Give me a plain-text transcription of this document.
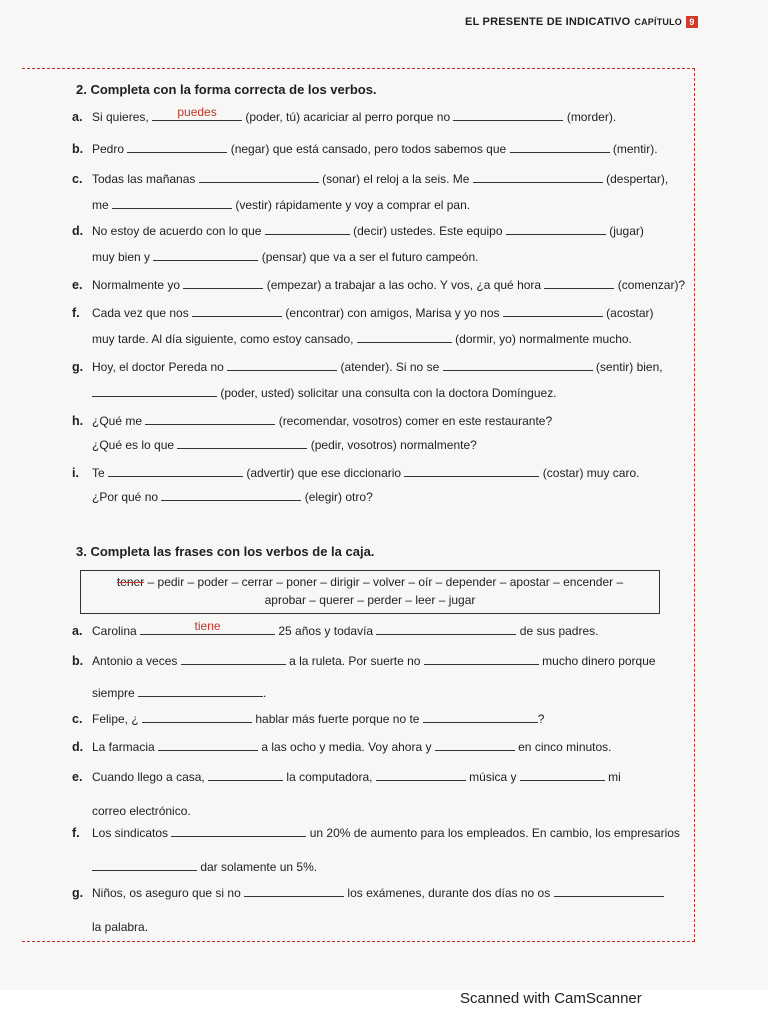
EL PRESENTE DE INDICATIVO CAPÍTULO 9
2. Completa con la forma correcta de los verbos.
a. Si quieres,	puedes	(poder, tú) acariciar al perro porque no	(morder).
b. Pedro	(negar) que está cansado, pero todos sabemos que	(mentir).
c. Todas las mañanas	(sonar) el reloj a la seis. Me	(despertar),
me	(vestir) rápidamente y voy a comprar el pan.
d. No estoy de acuerdo con lo que	(decir) ustedes. Este equipo	(jugar)
muy bien y	(pensar) que va a ser el futuro campeón.
e. Normalmente yo	(empezar) a trabajar a las ocho. Y vos, ¿a qué hora	(comenzar)?
f. Cada vez que nos	(encontrar) con amigos, Marisa y yo nos	(acostar)
muy tarde. Al día siguiente, como estoy cansado,	(dormir, yo) normalmente mucho.
g. Hoy, el doctor Pereda no	(atender). Si no se	(sentir) bien,
(poder, usted) solicitar una consulta con la doctora Domínguez.
h. ¿Qué me	(recomendar, vosotros) comer en este restaurante?
¿Qué es lo que	(pedir, vosotros) normalmente?
i. Te	(advertir) que ese diccionario	(costar) muy caro.
¿Por qué no	(elegir) otro?
3. Completa las frases con los verbos de la caja.
tener – pedir – poder – cerrar – poner – dirigir – volver – oír – depender – apostar – encender –
aprobar – querer – perder – leer – jugar
a. Carolina	tiene	25 años y todavía	de sus padres.
b. Antonio a veces	a la ruleta. Por suerte no	mucho dinero porque
siempre	.
c. Felipe, ¿	hablar más fuerte porque no te	?
d. La farmacia	a las ocho y media. Voy ahora y	en cinco minutos.
e. Cuando llego a casa,	la computadora,	música y	mi
correo electrónico.
f. Los sindicatos	un 20% de aumento para los empleados. En cambio, los empresarios
dar solamente un 5%.
g. Niños, os aseguro que si no	los exámenes, durante dos días no os
la palabra.
Scanned with CamScanner
